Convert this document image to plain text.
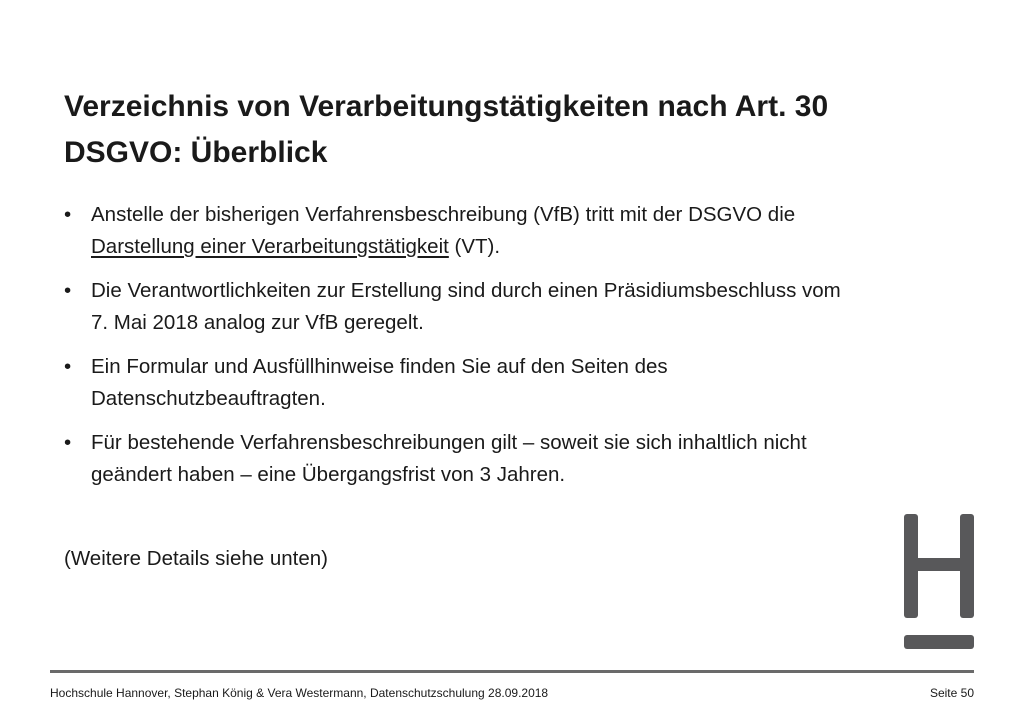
Verzeichnis von Verarbeitungstätigkeiten nach Art. 30
DSGVO: Überblick
• Anstelle der bisherigen Verfahrensbeschreibung (VfB) tritt mit der DSGVO die
Darstellung einer Verarbeitungstätigkeit (VT).
• Die Verantwortlichkeiten zur Erstellung sind durch einen Präsidiumsbeschluss vom
7. Mai 2018 analog zur VfB geregelt.
• Ein Formular und Ausfüllhinweise finden Sie auf den Seiten des
Datenschutzbeauftragten.
• Für bestehende Verfahrensbeschreibungen gilt – soweit sie sich inhaltlich nicht
geändert haben – eine Übergangsfrist von 3 Jahren.

(Weitere Details siehe unten)

Hochschule Hannover, Stephan König & Vera Westermann, Datenschutzschulung 28.09.2018	Seite 50
